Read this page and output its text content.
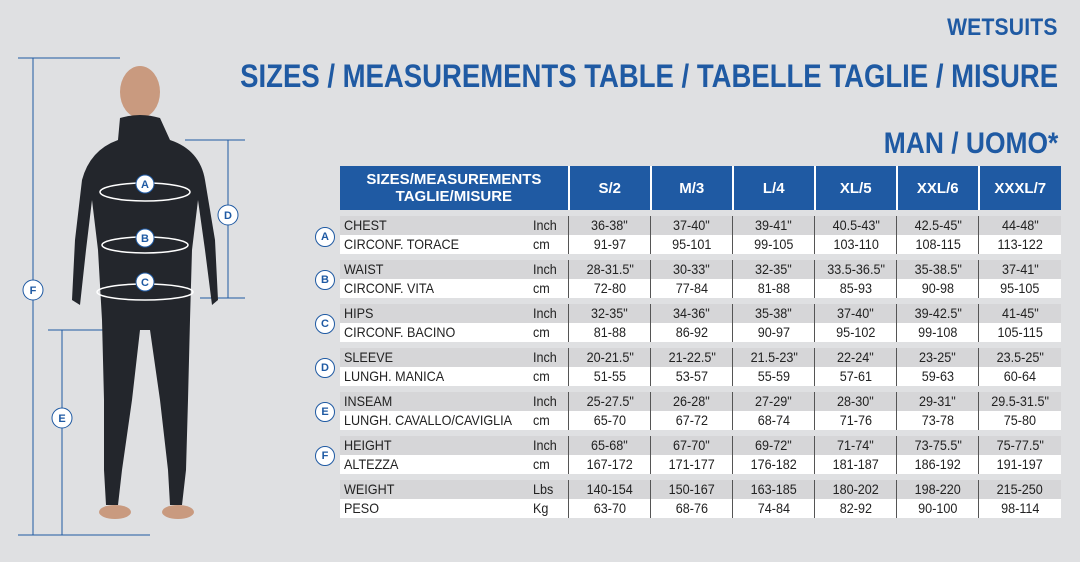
A
B
C
D
E
F
WETSUITS
SIZES / MEASUREMENTS TABLE / TABELLE TAGLIE / MISURE
MAN / UOMO*

	SIZES/MEASUREMENTS
TAGLIE/MISURE		S/2	M/3	L/4	XL/5	XXL/6	XXXL/7

A	CHEST	Inch	36-38"	37-40"	39-41"	40.5-43"	42.5-45"	44-48"
	CIRCONF. TORACE	cm	91-97	95-101	99-105	103-110	108-115	113-122
B	WAIST	Inch	28-31.5"	30-33"	32-35"	33.5-36.5"	35-38.5"	37-41"
	CIRCONF. VITA	cm	72-80	77-84	81-88	85-93	90-98	95-105
C	HIPS	Inch	32-35"	34-36"	35-38"	37-40"	39-42.5"	41-45"
	CIRCONF. BACINO	cm	81-88	86-92	90-97	95-102	99-108	105-115
D	SLEEVE	Inch	20-21.5"	21-22.5"	21.5-23"	22-24"	23-25"	23.5-25"
	LUNGH. MANICA	cm	51-55	53-57	55-59	57-61	59-63	60-64
E	INSEAM	Inch	25-27.5"	26-28"	27-29"	28-30"	29-31"	29.5-31.5"
	LUNGH. CAVALLO/CAVIGLIA	cm	65-70	67-72	68-74	71-76	73-78	75-80
F	HEIGHT	Inch	65-68"	67-70"	69-72"	71-74"	73-75.5"	75-77.5"
	ALTEZZA	cm	167-172	171-177	176-182	181-187	186-192	191-197
	WEIGHT	Lbs	140-154	150-167	163-185	180-202	198-220	215-250
	PESO	Kg	63-70	68-76	74-84	82-92	90-100	98-114
